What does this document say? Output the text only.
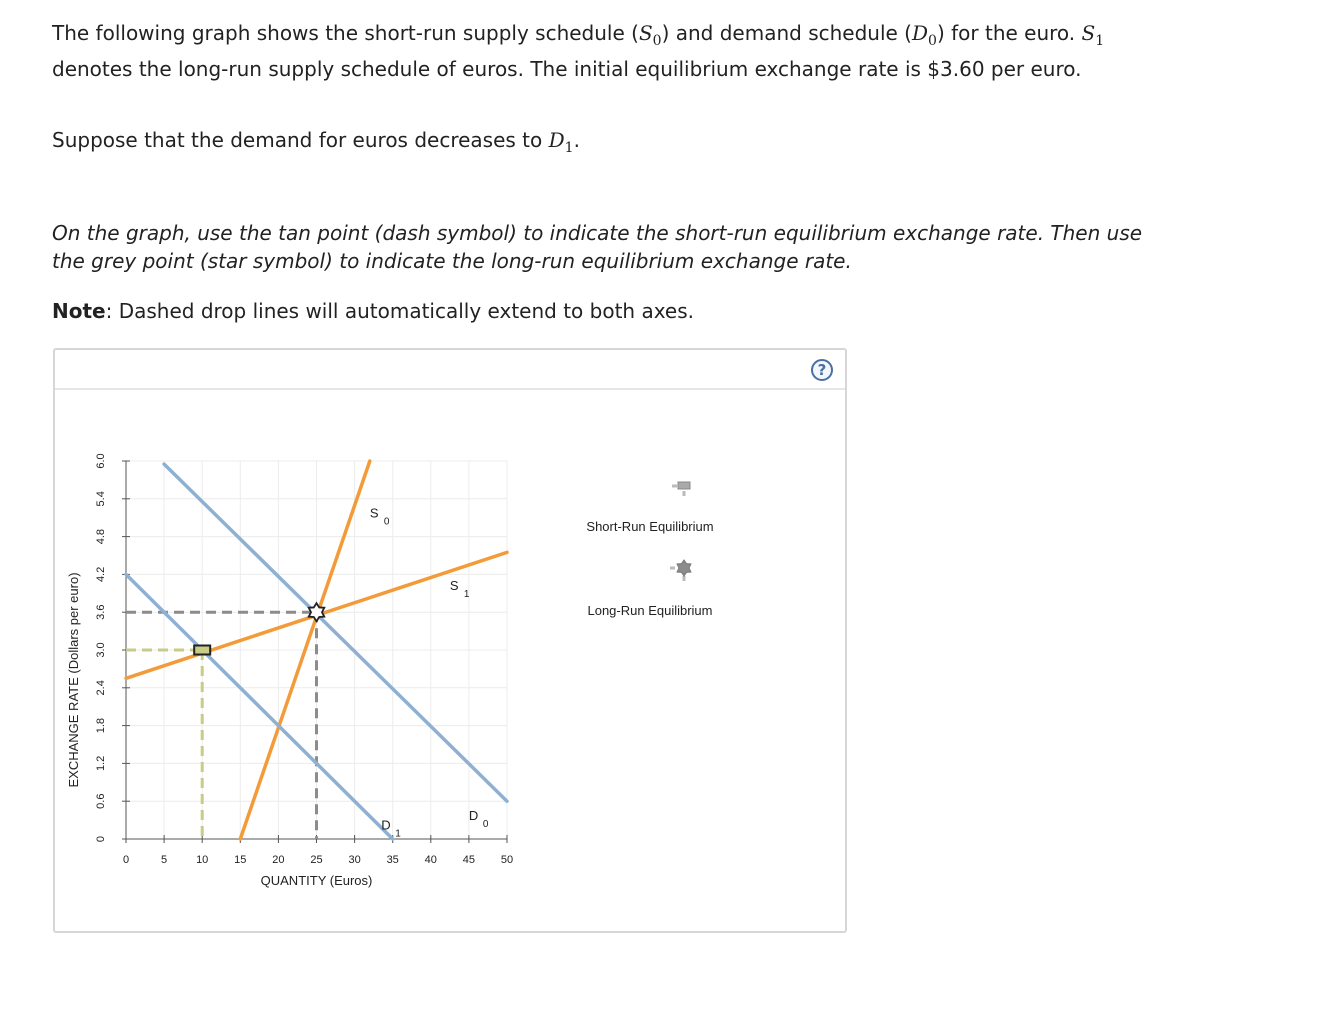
The following graph shows the short-run supply schedule $(S_0)$ and demand schedule $(D_0)$ for the euro. $S_1$ denotes the long-run supply schedule of euros. The initial equilibrium exchange rate is $3.60 per euro.

Suppose that the demand for euros decreases to $D_1$.

On the graph, use the tan point (dash symbol) to indicate the short-run equilibrium exchange rate. Then use the grey point (star symbol) to indicate the long-run equilibrium exchange rate.

Note: Dashed drop lines will automatically extend to both axes.

?
0	5	10 15 20 25 30 35 40 45 50
0
0.6
1.2
1.8
2.4
3.0
3.6
4.2
4.8
5.4
6.0
QUANTITY (Euros)
EXCHANGE RATE (Dollars per euro)
S
0
S
1
D
0
D
1
Short-Run Equilibrium
Long-Run Equilibrium
